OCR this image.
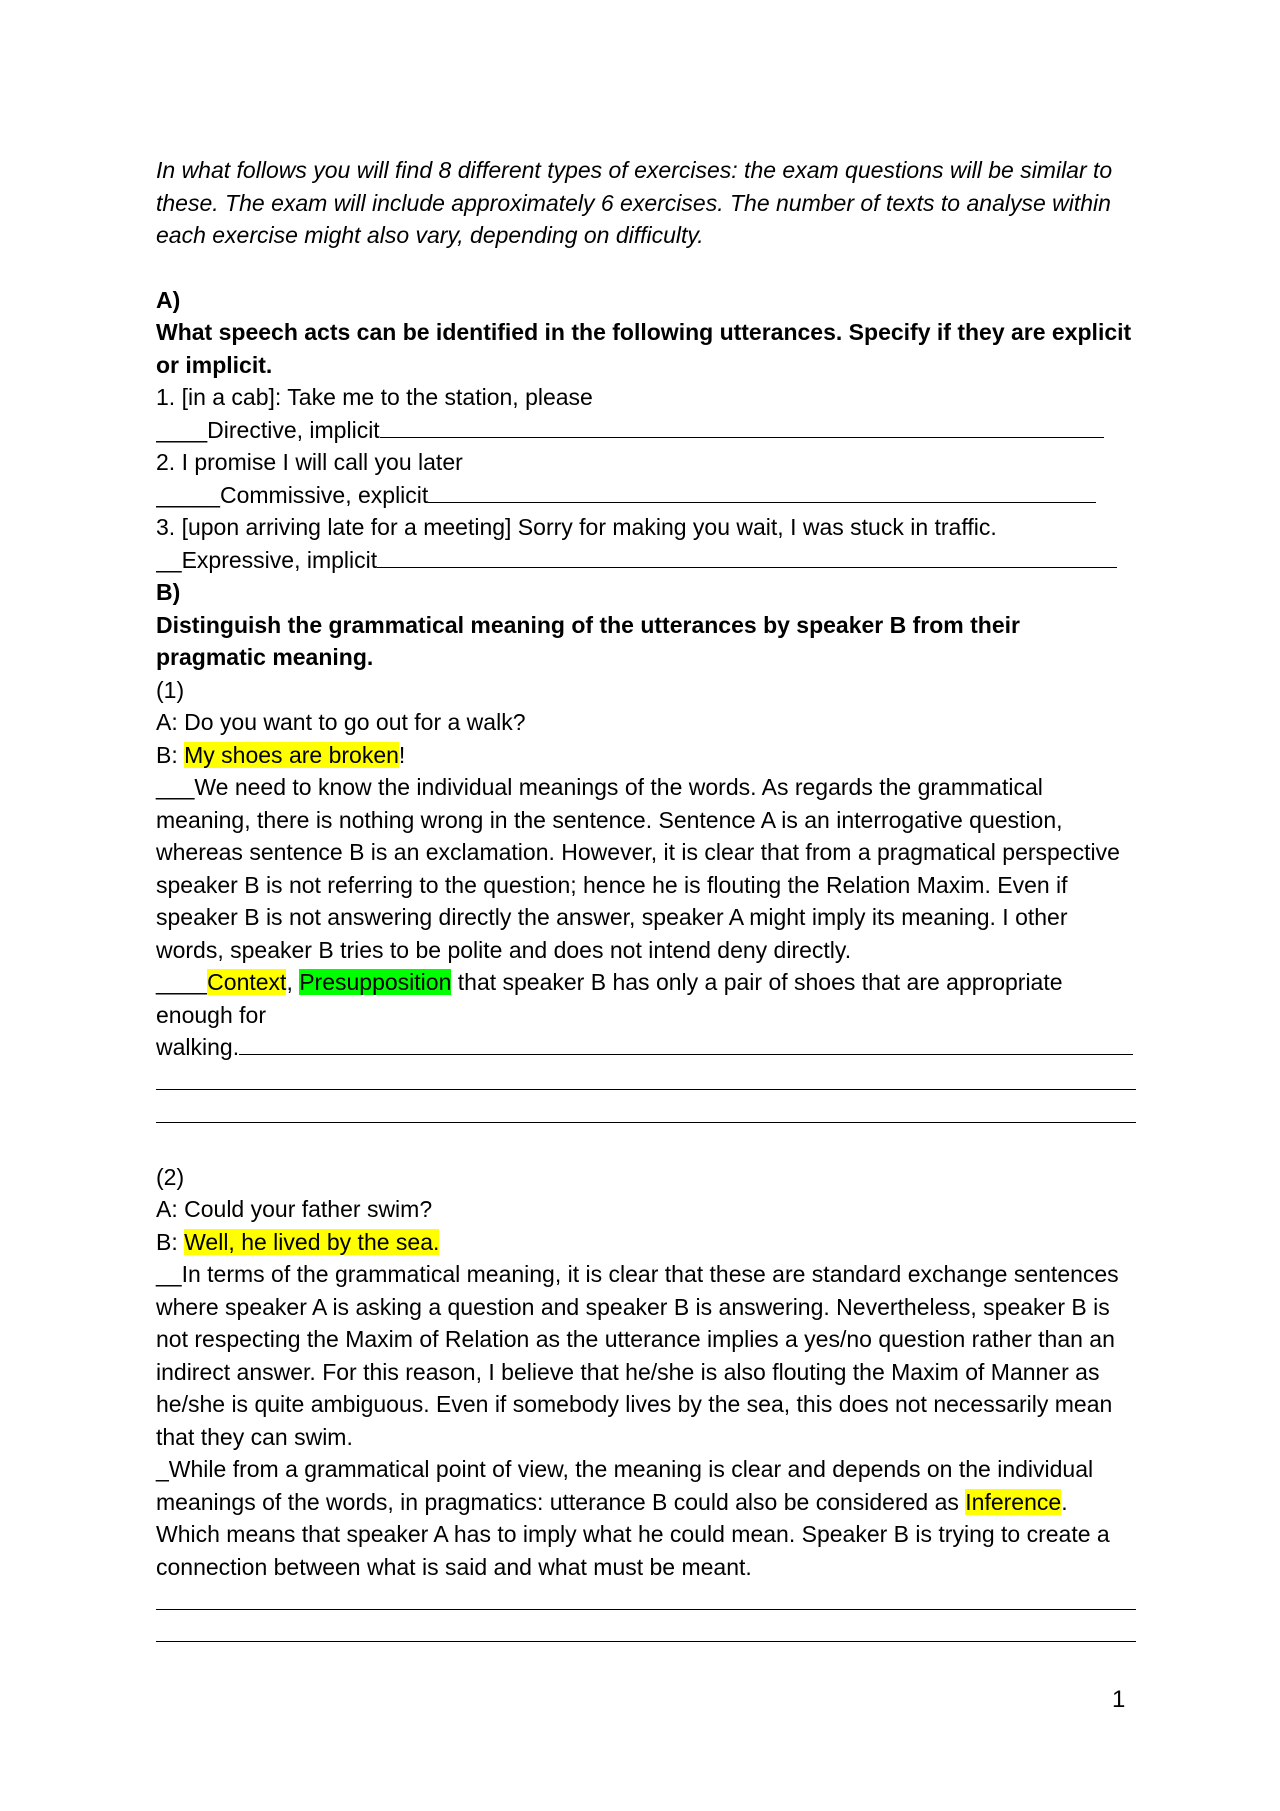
In what follows you will find 8 different types of exercises: the exam questions will be similar to these. The exam will include approximately 6 exercises. The number of texts to analyse within each exercise might also vary, depending on difficulty.

A)

What speech acts can be identified in the following utterances. Specify if they are explicit or implicit.

1. [in a cab]: Take me to the station, please

____Directive, implicit

2. I promise I will call you later

_____Commissive, explicit

3. [upon arriving late for a meeting] Sorry for making you wait, I was stuck in traffic.

__Expressive, implicit

B)

Distinguish the grammatical meaning of the utterances by speaker B from their pragmatic meaning.

(1)

A: Do you want to go out for a walk?

B: My shoes are broken!

___We need to know the individual meanings of the words. As regards the grammatical meaning, there is nothing wrong in the sentence. Sentence A is an interrogative question, whereas sentence B is an exclamation. However, it is clear that from a pragmatical perspective speaker B is not referring to the question; hence he is flouting the Relation Maxim. Even if speaker B is not answering directly the answer, speaker A might imply its meaning. I other words, speaker B tries to be polite and does not intend deny directly.

____Context, Presupposition that speaker B has only a pair of shoes that are appropriate enough for

walking.

(2)

A: Could your father swim?

B: Well, he lived by the sea.

__In terms of the grammatical meaning, it is clear that these are standard exchange sentences where speaker A is asking a question and speaker B is answering. Nevertheless, speaker B is not respecting the Maxim of Relation as the utterance implies a yes/no question rather than an indirect answer. For this reason, I believe that he/she is also flouting the Maxim of Manner as he/she is quite ambiguous. Even if somebody lives by the sea, this does not necessarily mean that they can swim.

_While from a grammatical point of view, the meaning is clear and depends on the individual meanings of the words, in pragmatics: utterance B could also be considered as Inference. Which means that speaker A has to imply what he could mean. Speaker B is trying to create a connection between what is said and what must be meant.

1
